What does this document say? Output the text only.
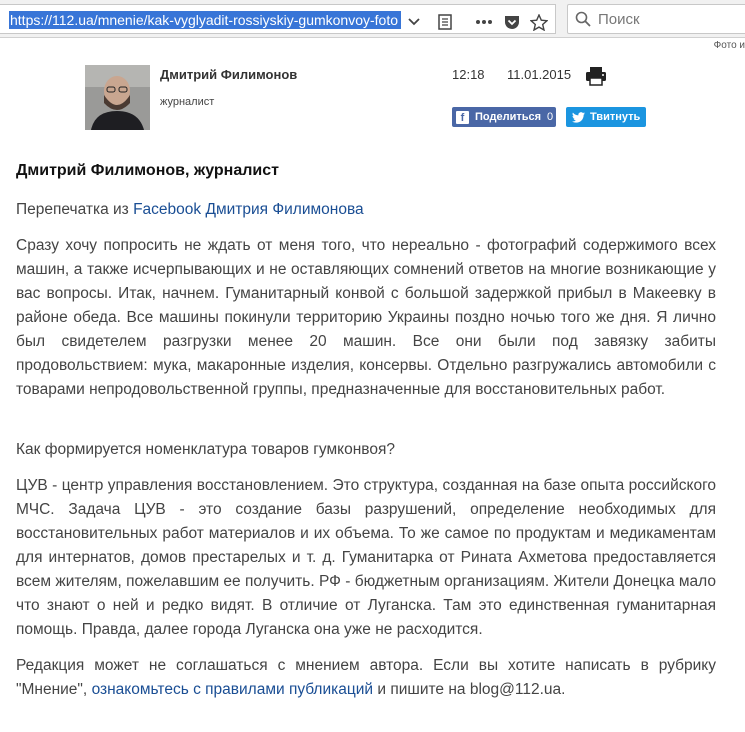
https://112.ua/mnenie/kak-vyglyadit-rossiyskiy-gumkonvoy-foto	Поиск
Фото и
Дмитрий Филимонов
журналист
12:18 11.01.2015
f Поделиться 0	Твитнуть
Дмитрий Филимонов, журналист

Перепечатка из Facebook Дмитрия Филимонова

Сразу хочу попросить не ждать от меня того, что нереально - фотографий содержимого всех машин, а также исчерпывающих и не оставляющих сомнений ответов на многие возникающие у вас вопросы. Итак, начнем. Гуманитарный конвой с большой задержкой прибыл в Макеевку в районе обеда. Все машины покинули территорию Украины поздно ночью того же дня. Я лично был свидетелем разгрузки менее 20 машин. Все они были под завязку забиты продовольствием: мука, макаронные изделия, консервы. Отдельно разгружались автомобили с товарами непродовольственной группы, предназначенные для восстановительных работ.

Как формируется номенклатура товаров гумконвоя?

ЦУВ - центр управления восстановлением. Это структура, созданная на базе опыта российского МЧС. Задача ЦУВ - это создание базы разрушений, определение необходимых для восстановительных работ материалов и их объема. То же самое по продуктам и медикаментам для интернатов, домов престарелых и т. д. Гуманитарка от Рината Ахметова предоставляется всем жителям, пожелавшим ее получить. РФ - бюджетным организациям. Жители Донецка мало что знают о ней и редко видят. В отличие от Луганска. Там это единственная гуманитарная помощь. Правда, далее города Луганска она уже не расходится.

Редакция может не соглашаться с мнением автора. Если вы хотите написать в рубрику "Мнение", ознакомьтесь с правилами публикаций и пишите на blog@112.ua.
